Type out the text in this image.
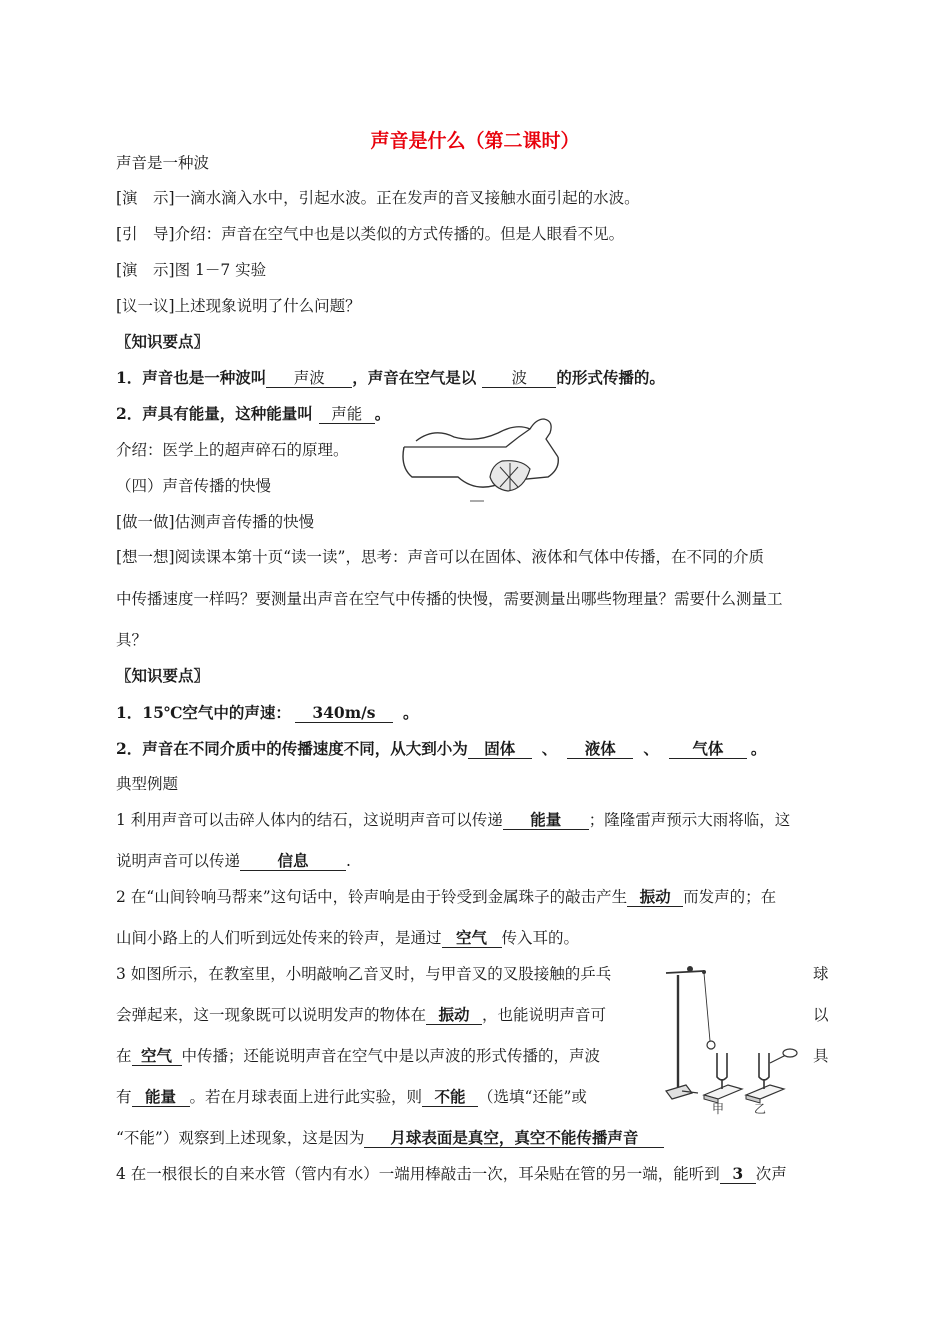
声音是什么（第二课时）
声音是一种波
[演　示]一滴水滴入水中，引起水波。正在发声的音叉接触水面引起的水波。
[引　导]介绍：声音在空气中也是以类似的方式传播的。但是人眼看不见。
[演　示]图 1－7 实验
[议一议]上述现象说明了什么问题？
〖知识要点〗
1．声音也是一种波叫 声波 ，声音在空气是以 波 的形式传播的。
2．声具有能量，这种能量叫 声能 。
介绍：医学上的超声碎石的原理。
（四）声音传播的快慢
[做一做]估测声音传播的快慢
[想一想]阅读课本第十页“读一读”，思考：声音可以在固体、液体和气体中传播，在不同的介质
中传播速度一样吗？要测量出声音在空气中传播的快慢，需要测量出哪些物理量？需要什么测量工
具？
〖知识要点〗
1．15℃空气中的声速： 340m/s 。
2．声音在不同介质中的传播速度不同，从大到小为 固体 、 液体 、 气体 。
典型例题
1 利用声音可以击碎人体内的结石，这说明声音可以传递 能量 ；隆隆雷声预示大雨将临，这
说明声音可以传递 信息 .
2 在“山间铃响马帮来”这句话中，铃声响是由于铃受到金属珠子的敲击产生 振动 而发声的；在
山间小路上的人们听到远处传来的铃声，是通过 空气 传入耳的。
3 如图所示，在教室里，小明敲响乙音叉时，与甲音叉的叉股接触的乒乓	球
会弹起来，这一现象既可以说明发声的物体在 振动 ，也能说明声音可	以
在 空气 中传播；还能说明声音在空气中是以声波的形式传播的，声波	具
有 能量 。若在月球表面上进行此实验，则 不能 （选填“还能”或
甲 乙
“不能”）观察到上述现象，这是因为 月球表面是真空，真空不能传播声音
4 在一根很长的自来水管（管内有水）一端用棒敲击一次，耳朵贴在管的另一端，能听到 3 次声
